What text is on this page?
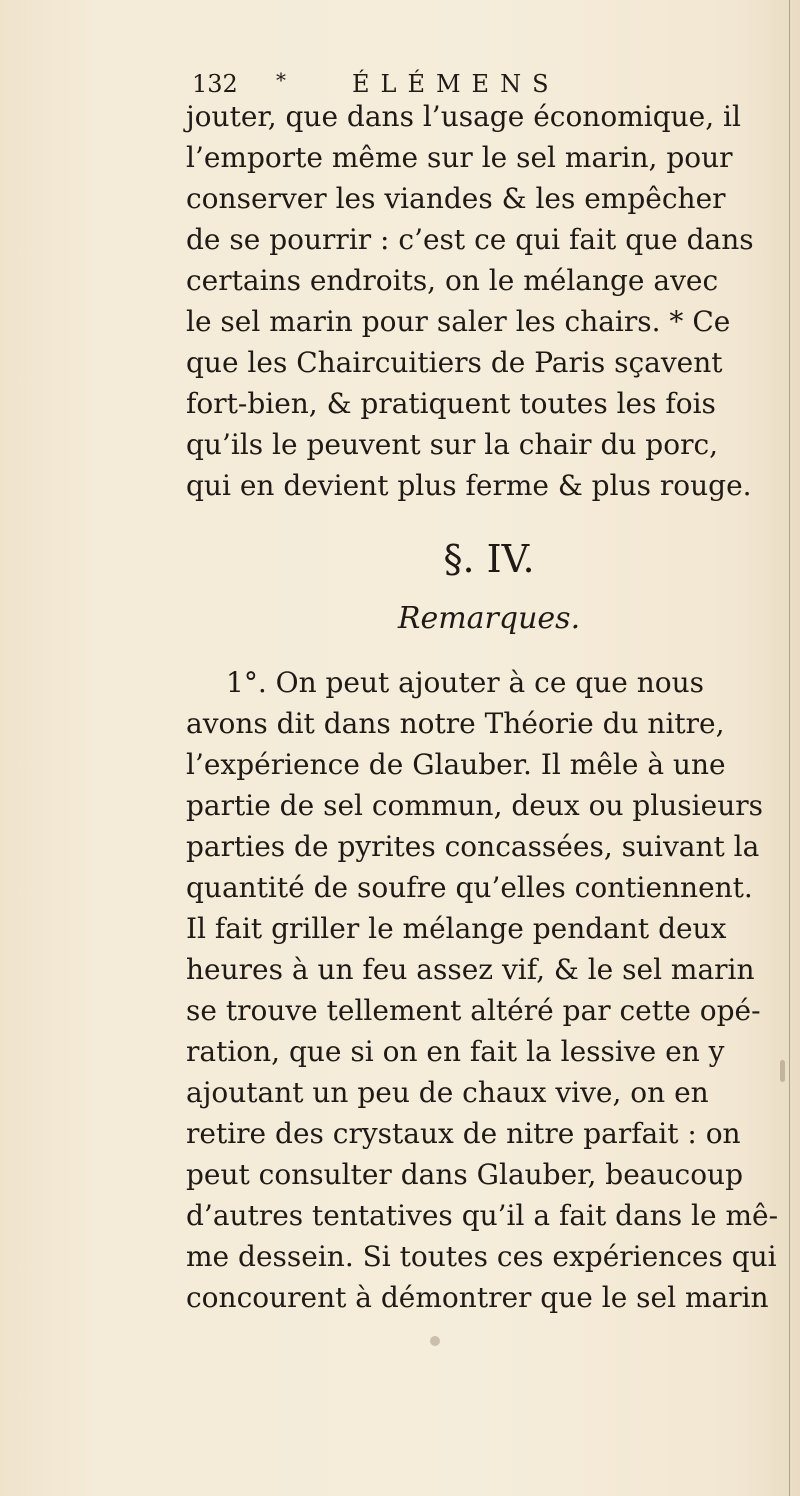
132 *	ÉLÉMENS
jouter, que dans l’usage économique, il
l’emporte même sur le sel marin, pour
conserver les viandes & les empêcher
de se pourrir : c’est ce qui fait que dans
certains endroits, on le mélange avec
le sel marin pour saler les chairs. * Ce
que les Chaircuitiers de Paris sçavent
fort-bien, & pratiquent toutes les fois
qu’ils le peuvent sur la chair du porc,
qui en devient plus ferme & plus rouge.
§. IV.
Remarques.
1°. On peut ajouter à ce que nous
avons dit dans notre Théorie du nitre,
l’expérience de Glauber. Il mêle à une
partie de sel commun, deux ou plusieurs
parties de pyrites concassées, suivant la
quantité de soufre qu’elles contiennent.
Il fait griller le mélange pendant deux
heures à un feu assez vif, & le sel marin
se trouve tellement altéré par cette opé-
ration, que si on en fait la lessive en y
ajoutant un peu de chaux vive, on en
retire des crystaux de nitre parfait : on
peut consulter dans Glauber, beaucoup
d’autres tentatives qu’il a fait dans le mê-
me dessein. Si toutes ces expériences qui
concourent à démontrer que le sel marin
